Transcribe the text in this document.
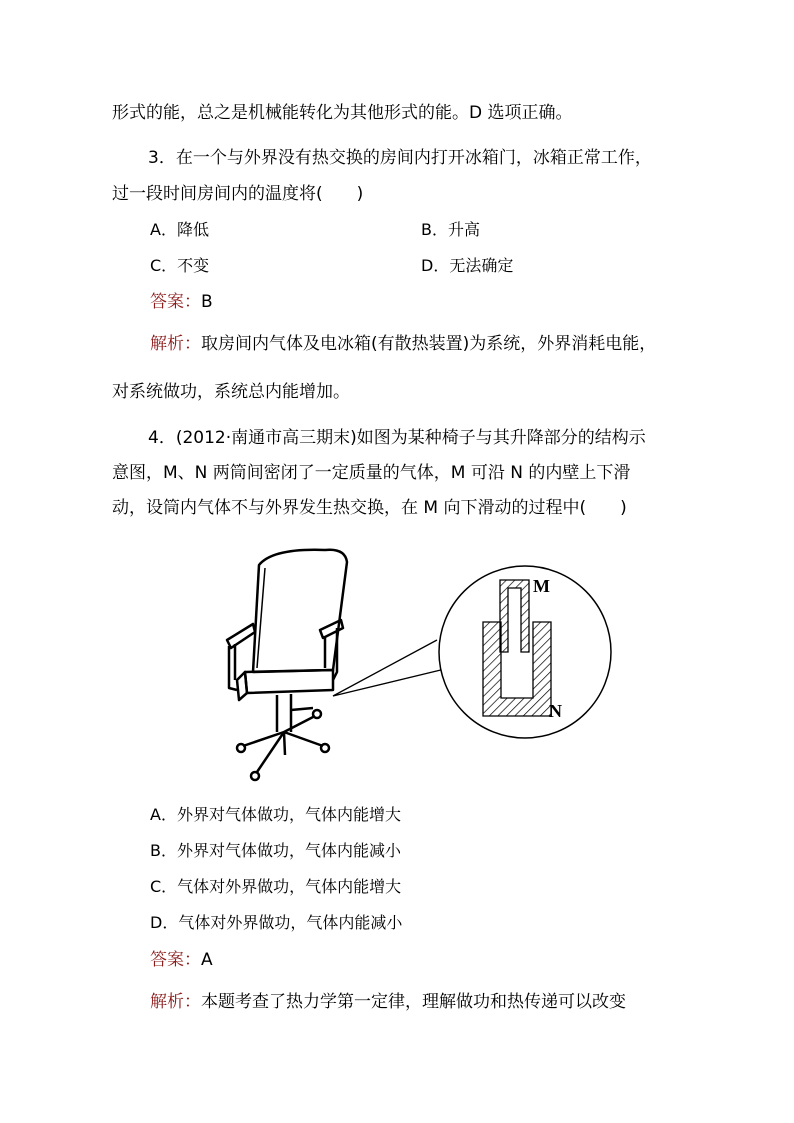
形式的能，总之是机械能转化为其他形式的能。D 选项正确。
3．在一个与外界没有热交换的房间内打开冰箱门，冰箱正常工作，
过一段时间房间内的温度将(　　)
A．降低	B．升高
C．不变	D．无法确定
答案：B
解析：取房间内气体及电冰箱(有散热装置)为系统，外界消耗电能，
对系统做功，系统总内能增加。
4．(2012·南通市高三期末)如图为某种椅子与其升降部分的结构示
意图，M、N 两筒间密闭了一定质量的气体，M 可沿 N 的内壁上下滑
动，设筒内气体不与外界发生热交换，在 M 向下滑动的过程中(　　)
M
N
A．外界对气体做功，气体内能增大
B．外界对气体做功，气体内能减小
C．气体对外界做功，气体内能增大
D．气体对外界做功，气体内能减小
答案：A
解析：本题考查了热力学第一定律，理解做功和热传递可以改变
